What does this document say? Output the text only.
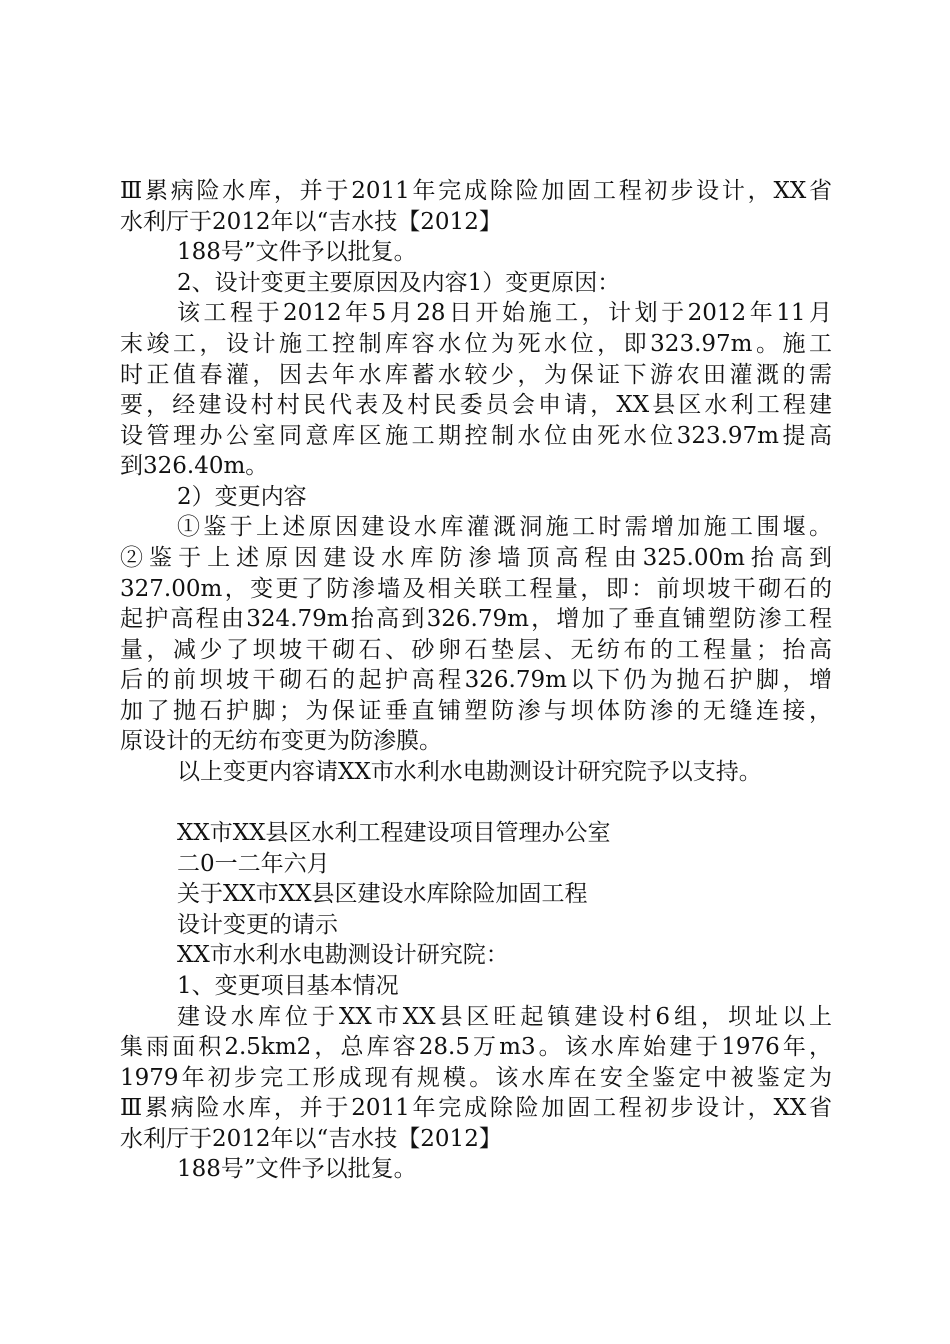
Ⅲ累病险水库，并于2011年完成除险加固工程初步设计，XX省
水利厅于2012年以“吉水技【2012】
188号”文件予以批复。
2、设计变更主要原因及内容1）变更原因：
该工程于2012年5月28日开始施工，计划于2012年11月
末竣工，设计施工控制库容水位为死水位，即323.97m。施工
时正值春灌，因去年水库蓄水较少，为保证下游农田灌溉的需
要，经建设村村民代表及村民委员会申请，XX县区水利工程建
设管理办公室同意库区施工期控制水位由死水位323.97m提高
到326.40m。
2）变更内容
①鉴于上述原因建设水库灌溉洞施工时需增加施工围堰。
②鉴于上述原因建设水库防渗墙顶高程由325.00m抬高到
327.00m，变更了防渗墙及相关联工程量，即：前坝坡干砌石的
起护高程由324.79m抬高到326.79m，增加了垂直铺塑防渗工程
量，减少了坝坡干砌石、砂卵石垫层、无纺布的工程量；抬高
后的前坝坡干砌石的起护高程326.79m以下仍为抛石护脚，增
加了抛石护脚；为保证垂直铺塑防渗与坝体防渗的无缝连接，
原设计的无纺布变更为防渗膜。
以上变更内容请XX市水利水电勘测设计研究院予以支持。
XX市XX县区水利工程建设项目管理办公室
二0一二年六月
关于XX市XX县区建设水库除险加固工程
设计变更的请示
XX市水利水电勘测设计研究院：
1、变更项目基本情况
建设水库位于XX市XX县区旺起镇建设村6组，坝址以上
集雨面积2.5km2，总库容28.5万m3。该水库始建于1976年，
1979年初步完工形成现有规模。该水库在安全鉴定中被鉴定为
Ⅲ累病险水库，并于2011年完成除险加固工程初步设计，XX省
水利厅于2012年以“吉水技【2012】
188号”文件予以批复。
